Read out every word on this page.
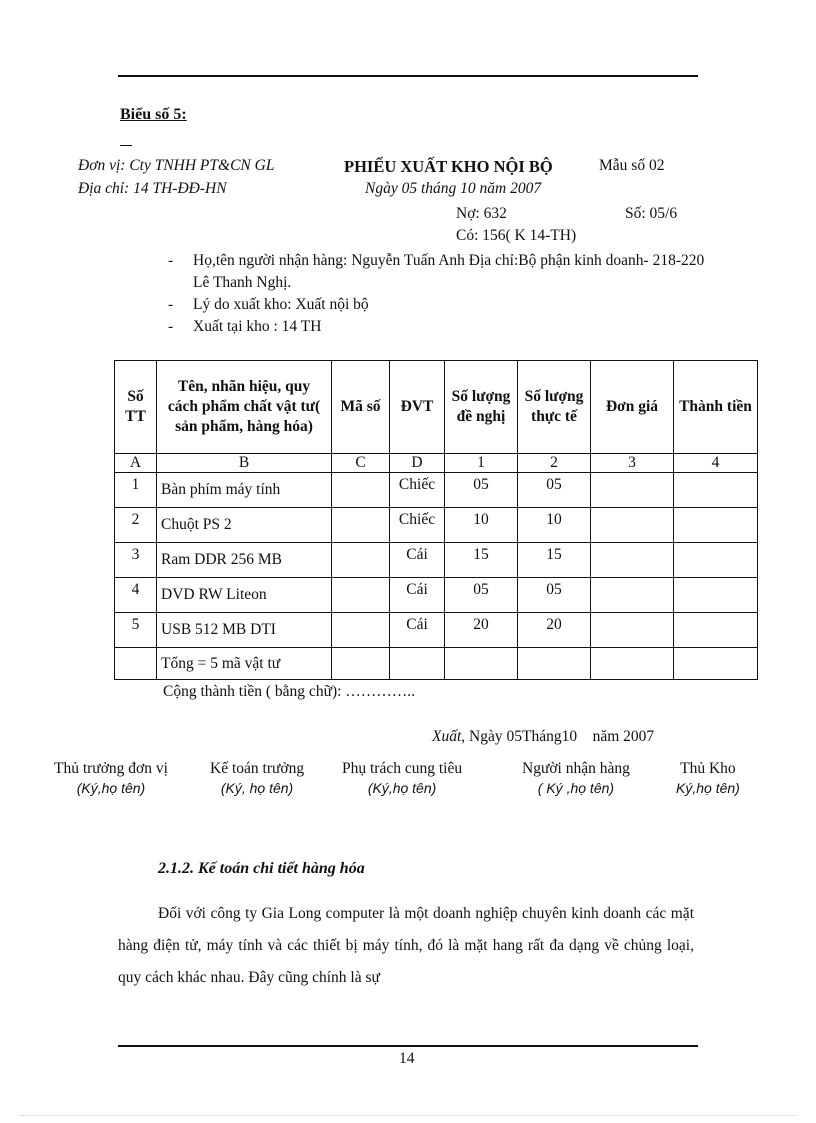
Biểu số 5:
Đơn vị: Cty TNHH PT&CN GL	PHIẾU XUẤT KHO NỘI BỘ	Mẫu số 02
Địa chỉ: 14 TH-ĐĐ-HN	Ngày 05 tháng 10 năm 2007
Nợ: 632	Số: 05/6
Có: 156( K 14-TH)
- Họ,tên người nhận hàng: Nguyễn Tuấn Anh Địa chỉ:Bộ phận kinh doanh- 218-220 Lê Thanh Nghị.
- Lý do xuất kho: Xuất nội bộ
- Xuất tại kho : 14 TH
Số TT	Tên, nhãn hiệu, quy cách phẩm chất vật tư( sản phẩm, hàng hóa)	Mã số	ĐVT	Số lượng đề nghị	Số lượng thực tế	Đơn giá	Thành tiền
A	B	C	D	1	2	3	4
1	Bàn phím máy tính		Chiếc	05	05		
2	Chuột PS 2		Chiếc	10	10		
3	Ram DDR 256 MB		Cái	15	15		
4	DVD RW Liteon		Cái	05	05		
5	USB 512 MB DTI		Cái	20	20		
	Tổng = 5 mã vật tư						
Cộng thành tiền ( bằng chữ): …………..
Xuất, Ngày 05Tháng10    năm 2007
Thủ trưởng đơn vị
(Ký,họ tên)
Kế toán trưởng
(Ký, họ tên)
Phụ trách cung tiêu
(Ký,họ tên)
Người nhận hàng
( Ký ,họ tên)
Thủ Kho
Ký,họ tên)
2.1.2. Kế toán chi tiết hàng hóa
Đối với công ty Gia Long computer là một doanh nghiệp chuyên kinh doanh các mặt hàng điện tử, máy tính và các thiết bị máy tính, đó là mặt hang rất đa dạng về chủng loại, quy cách khác nhau. Đây cũng chính là sự
14
